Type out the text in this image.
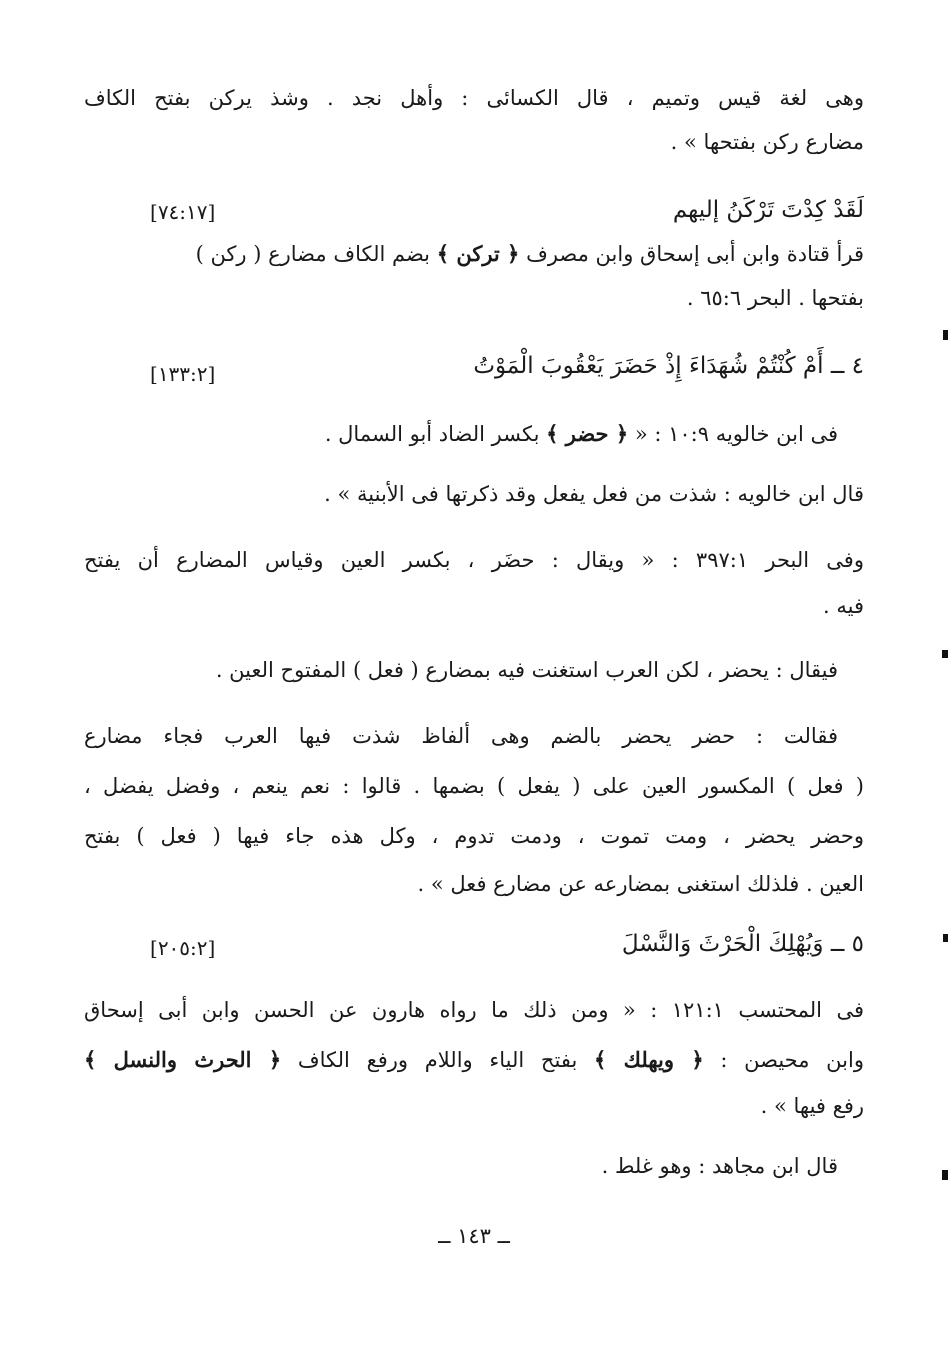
وهى لغة قيس وتميم ، قال الكسائى : وأهل نجد . وشذ يركن بفتح الكاف
مضارع ركن بفتحها » .
لَقَدْ كِدْتَ تَرْكَنُ إليهم
[٧٤:١٧]
قرأ قتادة وابن أبى إسحاق وابن مصرف ﴿ تركن ﴾ بضم الكاف مضارع ( ركن )
بفتحها . البحر ٦٥:٦ .
٤ ــ أَمْ كُنْتُمْ شُهَدَاءَ إِذْ حَضَرَ يَعْقُوبَ الْمَوْتُ
[١٣٣:٢]
فى ابن خالويه ١٠:٩ : « ﴿ حضر ﴾ بكسر الضاد أبو السمال .
قال ابن خالويه : شذت من فعل يفعل وقد ذكرتها فى الأبنية » .
وفى البحر ٣٩٧:١ : « ويقال : حضَر ، بكسر العين وقياس المضارع أن يفتح
فيه .
فيقال : يحضر ، لكن العرب استغنت فيه بمضارع ( فعل ) المفتوح العين .
فقالت : حضر يحضر بالضم وهى ألفاظ شذت فيها العرب فجاء مضارع
( فعل ) المكسور العين على ( يفعل ) بضمها . قالوا : نعم ينعم ، وفضل يفضل ،
وحضر يحضر ، ومت تموت ، ودمت تدوم ، وكل هذه جاء فيها ( فعل ) بفتح
العين . فلذلك استغنى بمضارعه عن مضارع فعل » .
٥ ــ وَيُهْلِكَ الْحَرْثَ وَالنَّسْلَ
[٢٠٥:٢]
فى المحتسب ١٢١:١ : « ومن ذلك ما رواه هارون عن الحسن وابن أبى إسحاق
وابن محيصن : ﴿ ويهلك ﴾ بفتح الياء واللام ورفع الكاف ﴿ الحرث والنسل ﴾
رفع فيها » .
قال ابن مجاهد : وهو غلط .
ــ ١٤٣ ــ
